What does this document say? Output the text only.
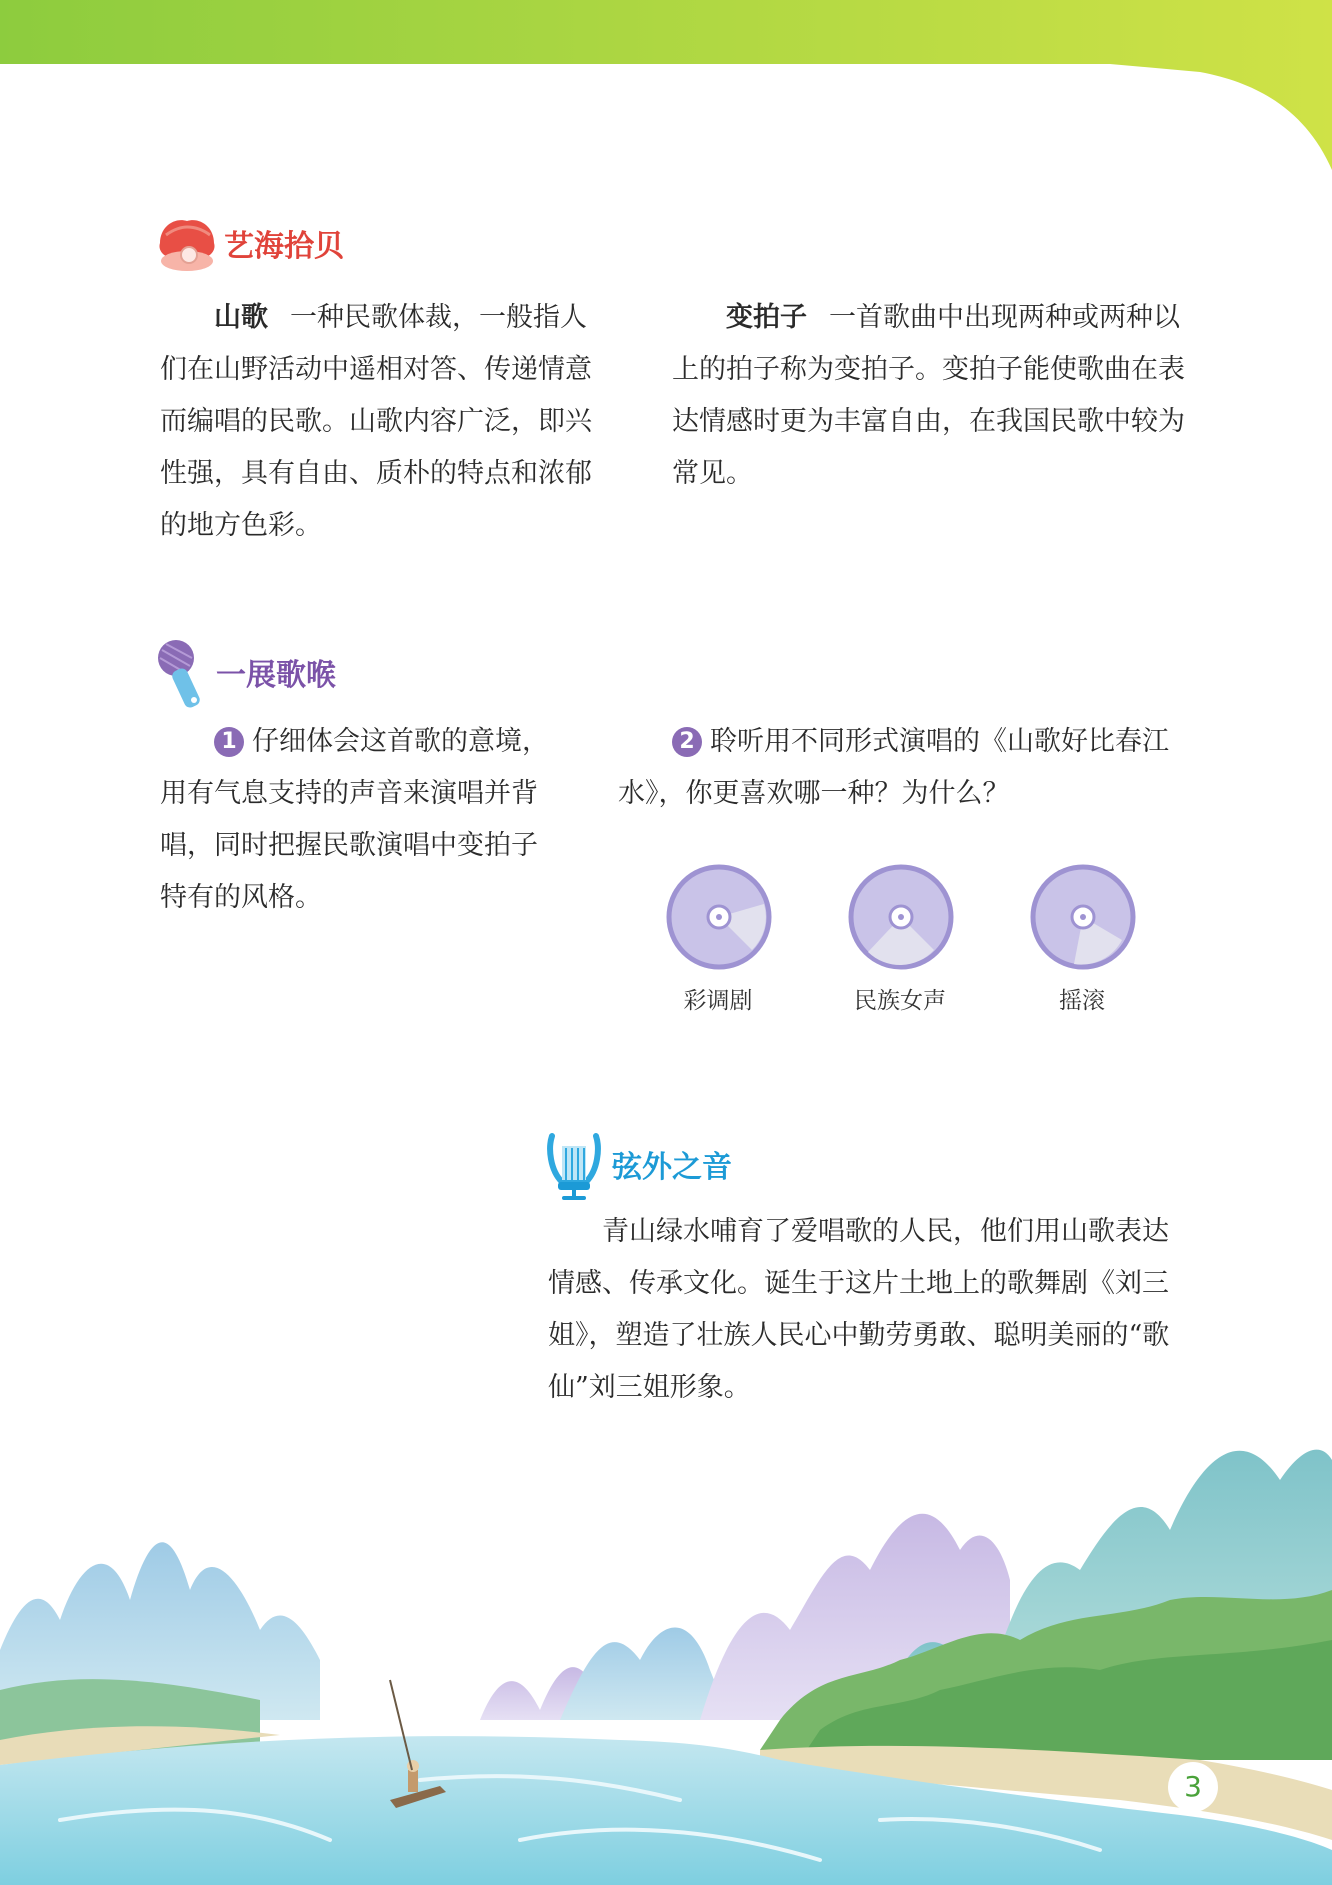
艺海拾贝
山歌 一种民歌体裁，一般指人们在山野活动中遥相对答、传递情意而编唱的民歌。山歌内容广泛，即兴性强，具有自由、质朴的特点和浓郁的地方色彩。
变拍子 一首歌曲中出现两种或两种以上的拍子称为变拍子。变拍子能使歌曲在表达情感时更为丰富自由，在我国民歌中较为常见。
一展歌喉
1 仔细体会这首歌的意境，用有气息支持的声音来演唱并背唱，同时把握民歌演唱中变拍子特有的风格。
2 聆听用不同形式演唱的《山歌好比春江水》，你更喜欢哪一种？为什么？
彩调剧	民族女声	摇滚
弦外之音
青山绿水哺育了爱唱歌的人民，他们用山歌表达情感、传承文化。诞生于这片土地上的歌舞剧《刘三姐》，塑造了壮族人民心中勤劳勇敢、聪明美丽的“歌仙”刘三姐形象。
3
